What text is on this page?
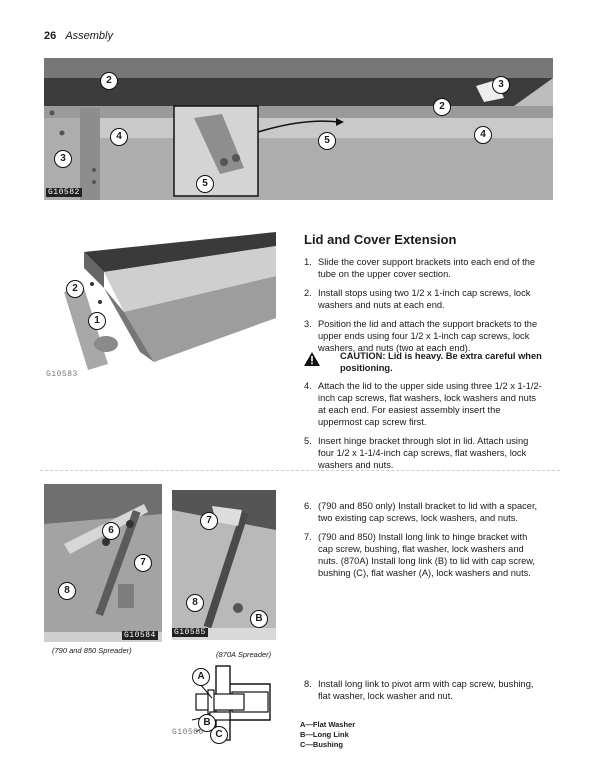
26 Assembly
2
2
3
3
4	4
5
5
G10582
2
1
G10583
Lid and Cover Extension
1. Slide the cover support brackets into each end of the tube on the upper cover section.
2. Install stops using two 1/2 x 1-inch cap screws, lock washers and nuts at each end.
3. Position the lid and attach the support brackets to the upper ends using four 1/2 x 1-inch cap screws, lock washers, and nuts (two at each end).
CAUTION: Lid is heavy. Be extra careful when positioning.
4. Attach the lid to the upper side using three 1/2 x 1-1/2-inch cap screws, flat washers, lock washers and nuts at each end. For easiest assembly insert the uppermost cap screw first.
5. Insert hinge bracket through slot in lid. Attach using four 1/2 x 1-1/4-inch cap screws, flat washers, lock washers and nuts.
6
7
8
G10584
(790 and 850 Spreader)
7
8
B
G10585
(870A Spreader)
6. (790 and 850 only) Install bracket to lid with a spacer, two existing cap screws, lock washers, and nuts.
7. (790 and 850) Install long link to hinge bracket with cap screw, bushing, flat washer, lock washers and nuts. (870A) Install long link (B) to lid with cap screw, bushing (C), flat washer (A), lock washers and nuts.
A
B
C
G10586
8. Install long link to pivot arm with cap screw, bushing, flat washer, lock washer and nut.
A—Flat Washer
B—Long Link
C—Bushing
